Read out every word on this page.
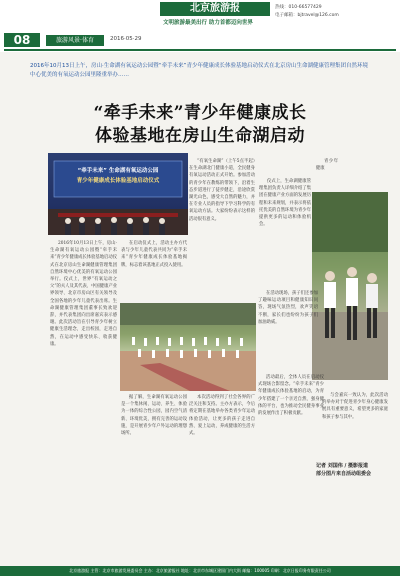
北京旅游报
文明旅游最美出行 助力首都迈向世界
热线：010-66577429
电子邮箱：bjtravel@126.com
08	旅游风景·体育	2016·05·29
2016年10月13日上午，房山·生命湖有氧运动公园暨“牵手未来”青少年健康成长体验基地启动仪式在北京房山生命湖健康管理集团自然环境中心优美的有氧运动公园里隆重举办……
“牵手未来”青少年健康成长
体验基地在房山生命湖启动
“牵手未来” 生命湖有氧运动公园
青少年健康成长体验基地启动仪式

2016年10月13日上午，房山·生命湖有氧运动公园暨“牵手未来”青少年健康成长体验基地启动仪式在北京房山生命湖健康管理集团自然环境中心优美的有氧运动公园举行。仪式上，世界“有氧运动之父”的夫人及其代表、中国健康产业界领导、北京市房山区有关领导及全国各地的少年儿童代表出席。生命湖健康管理集团董事长致欢迎辞，并代表集团向出席嘉宾表示感谢。此次活动旨在引导青少年树立健康生活理念，走出校园，走进自然，在运动中感受快乐、收获健康。

在启动仪式上，活动主办方代表与少年儿童代表共同为“牵手未来”青少年健康成长体验基地揭牌，标志着该基地正式投入使用。

“有氧生命湖”（上午5点半起）在生命湖北门健康小道，全民健身有氧运动活动正式开始。参加活动的青少年在教练的带领下，沿着生态步道进行了徒步健走，沿途欣赏湖光山色，感受大自然的魅力，并在专业人员的指导下学习科学的有氧运动方法。大家纷纷表示这样的活动很有意义。

仪式上，生命湖健康管理集团负责人详细介绍了集团在健康产业方面的发展历程和未来规划，并表示将依托优美的自然环境为青少年提供更多的运动和体验机会。

在活动现场，孩子们还参加了趣味运动项目和健康知识问答，现场气氛热烈，欢声笑语不断，家长们也纷纷为孩子们加油助威。

据了解，生命湖有氧运动公园是一个集休闲、运动、养生、体验为一体的综合性公园，园内空气清新、环境优美，拥有完善的运动设施，是开展青少年户外运动的理想场所。

本次活动得到了社会各界的广泛关注和支持。主办方表示，今后将定期在基地举办各类青少年运动体验活动，让更多的孩子走进自然、爱上运动，养成健康的生活方式。

活动最后，全体人员在启动仪式现场合影留念。“牵手未来”青少年健康成长体验基地的启动，为青少年搭建了一个亲近自然、强身健体的平台，也为推动全民健身事业的发展作出了积极贡献。

与会嘉宾一致认为，此次活动的举办对于促进青少年身心健康发展具有重要意义，希望更多的家庭和孩子参与其中。

青少年健康

记者 刘国伟 / 摄影报道
部分图片来自活动组委会
北京旅游报 主管：北京市旅游发展委员会 主办：北京旅游报社 地址：北京市东城区建国门内大街 邮编：100005 印刷：北京日报印务有限责任公司
